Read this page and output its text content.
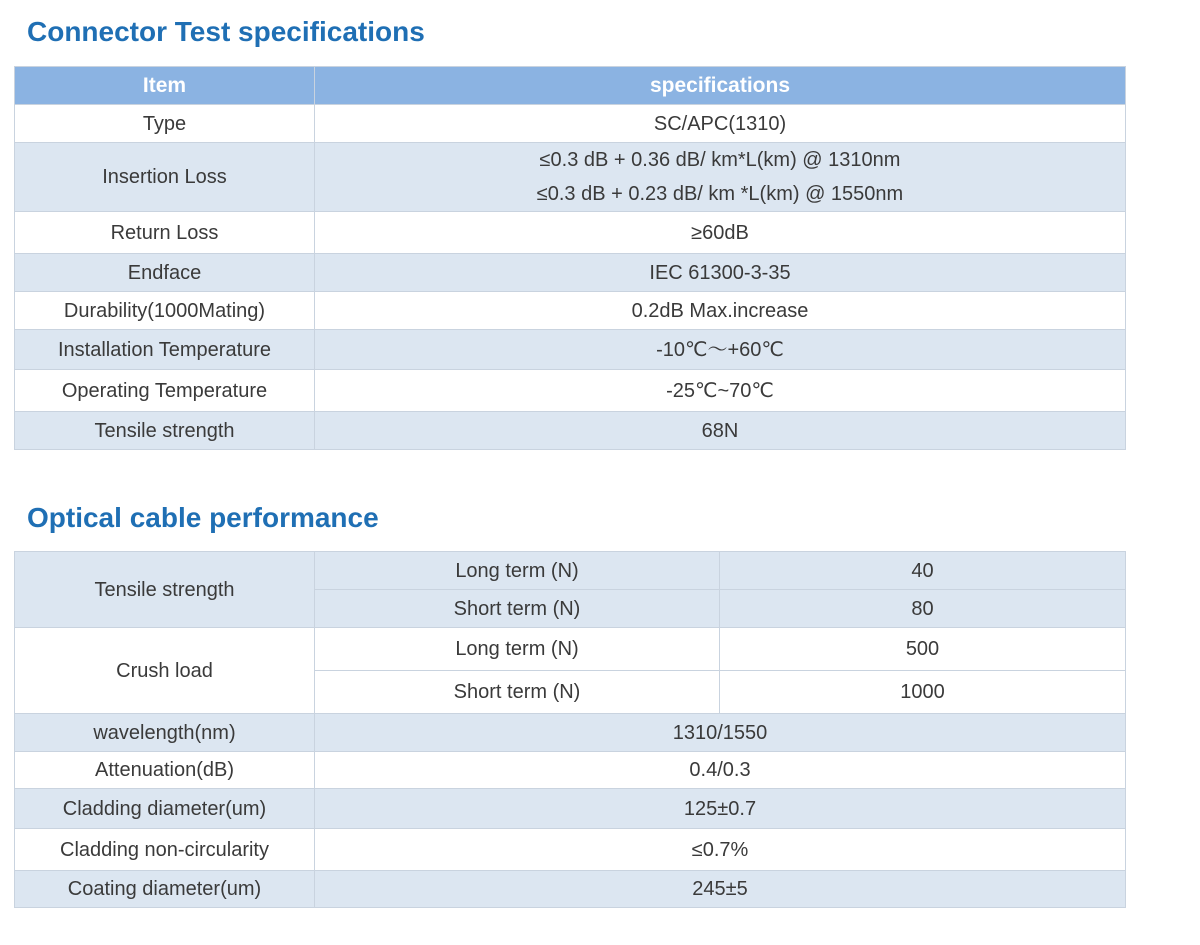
Connector Test specifications
Item	specifications
Type	SC/APC(1310)
Insertion Loss	≤0.3 dB + 0.36 dB/ km*L(km) @ 1310nm
≤0.3 dB + 0.23 dB/ km *L(km) @ 1550nm

Return Loss	≥60dB
Endface	IEC 61300-3-35
Durability(1000Mating)	0.2dB Max.increase
Installation Temperature	-10℃～+60℃
Operating Temperature	-25℃~70℃
Tensile strength	68N
Optical cable performance
Tensile strength	Long term (N)	40
	Short term (N)	80
Crush load	Long term (N)	500
	Short term (N)	1000
wavelength(nm)	1310/1550	
Attenuation(dB)	0.4/0.3	
Cladding diameter(um)	125±0.7	
Cladding non-circularity	≤0.7%	
Coating diameter(um)	245±5	
